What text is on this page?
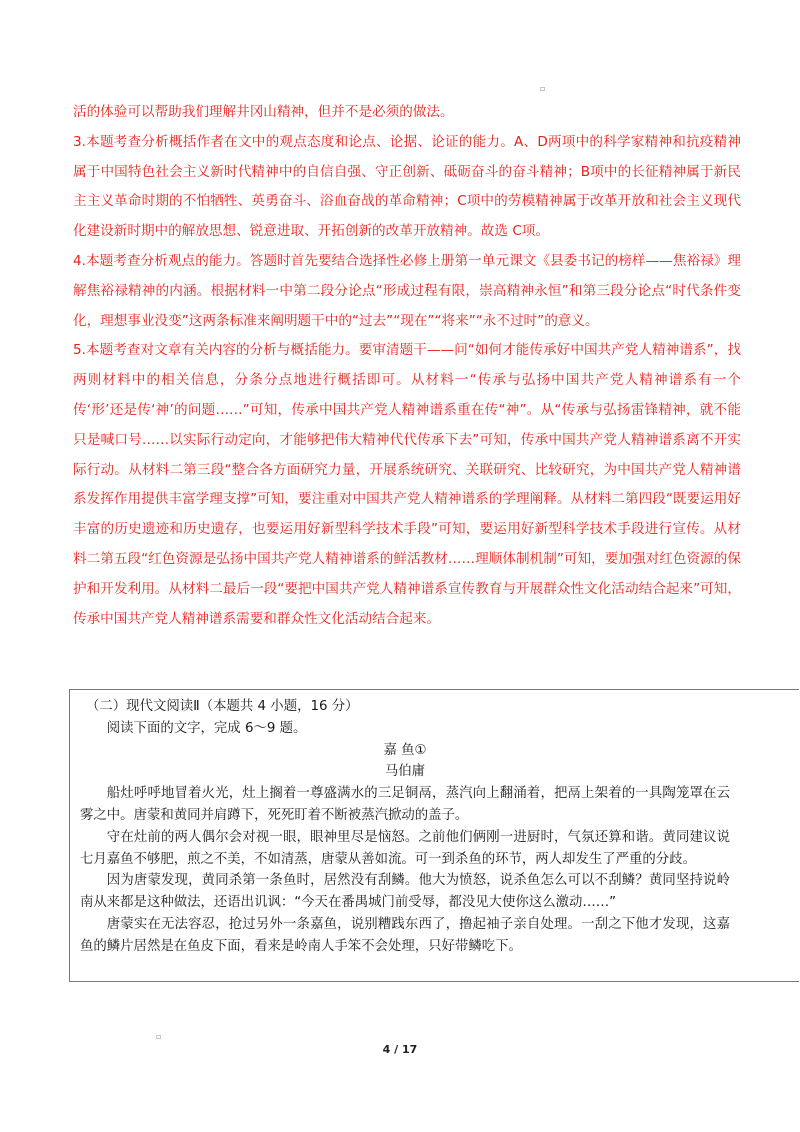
▫

活的体验可以帮助我们理解井冈山精神，但并不是必须的做法。

3.本题考查分析概括作者在文中的观点态度和论点、论据、论证的能力。A、D两项中的科学家精神和抗疫精神属于中国特色社会主义新时代精神中的自信自强、守正创新、砥砺奋斗的奋斗精神；B项中的长征精神属于新民主主义革命时期的不怕牺牲、英勇奋斗、浴血奋战的革命精神；C项中的劳模精神属于改革开放和社会主义现代化建设新时期中的解放思想、锐意进取、开拓创新的改革开放精神。故选 C项。

4.本题考查分析观点的能力。答题时首先要结合选择性必修上册第一单元课文《县委书记的榜样——焦裕禄》理解焦裕禄精神的内涵。根据材料一中第二段分论点“形成过程有限，崇高精神永恒”和第三段分论点“时代条件变化，理想事业没变”这两条标准来阐明题干中的“过去”“现在”“将来”“永不过时”的意义。

5.本题考查对文章有关内容的分析与概括能力。要审清题干——问“如何才能传承好中国共产党人精神谱系”，找两则材料中的相关信息，分条分点地进行概括即可。从材料一“传承与弘扬中国共产党人精神谱系有一个传‘形’还是传‘神’的问题……”可知，传承中国共产党人精神谱系重在传“神”。从“传承与弘扬雷锋精神，就不能只是喊口号……以实际行动定向，才能够把伟大精神代代传承下去”可知，传承中国共产党人精神谱系离不开实际行动。从材料二第三段“整合各方面研究力量，开展系统研究、关联研究、比较研究，为中国共产党人精神谱系发挥作用提供丰富学理支撑”可知，要注重对中国共产党人精神谱系的学理阐释。从材料二第四段“既要运用好丰富的历史遗迹和历史遗存，也要运用好新型科学技术手段”可知，要运用好新型科学技术手段进行宣传。从材料二第五段“红色资源是弘扬中国共产党人精神谱系的鲜活教材……理顺体制机制”可知，要加强对红色资源的保护和开发利用。从材料二最后一段“要把中国共产党人精神谱系宣传教育与开展群众性文化活动结合起来”可知，传承中国共产党人精神谱系需要和群众性文化活动结合起来。

（二）现代文阅读Ⅱ（本题共 4 小题，16 分）

阅读下面的文字，完成 6～9 题。

嘉 鱼①

马伯庸

船灶呼呼地冒着火光，灶上搁着一尊盛满水的三足铜鬲，蒸汽向上翻涌着，把鬲上架着的一具陶笼罩在云雾之中。唐蒙和黄同并肩蹲下，死死盯着不断被蒸汽掀动的盖子。

守在灶前的两人偶尔会对视一眼，眼神里尽是恼怒。之前他们俩刚一进厨时，气氛还算和谐。黄同建议说七月嘉鱼不够肥，煎之不美，不如清蒸，唐蒙从善如流。可一到杀鱼的环节，两人却发生了严重的分歧。

因为唐蒙发现，黄同杀第一条鱼时，居然没有刮鳞。他大为愤怒，说杀鱼怎么可以不刮鳞？黄同坚持说岭南从来都是这种做法，还语出讥讽：“今天在番禺城门前受辱，都没见大使你这么激动……”

唐蒙实在无法容忍，抢过另外一条嘉鱼，说别糟践东西了，撸起袖子亲自处理。一刮之下他才发现，这嘉鱼的鳞片居然是在鱼皮下面，看来是岭南人手笨不会处理，只好带鳞吃下。

▫
4 / 17
